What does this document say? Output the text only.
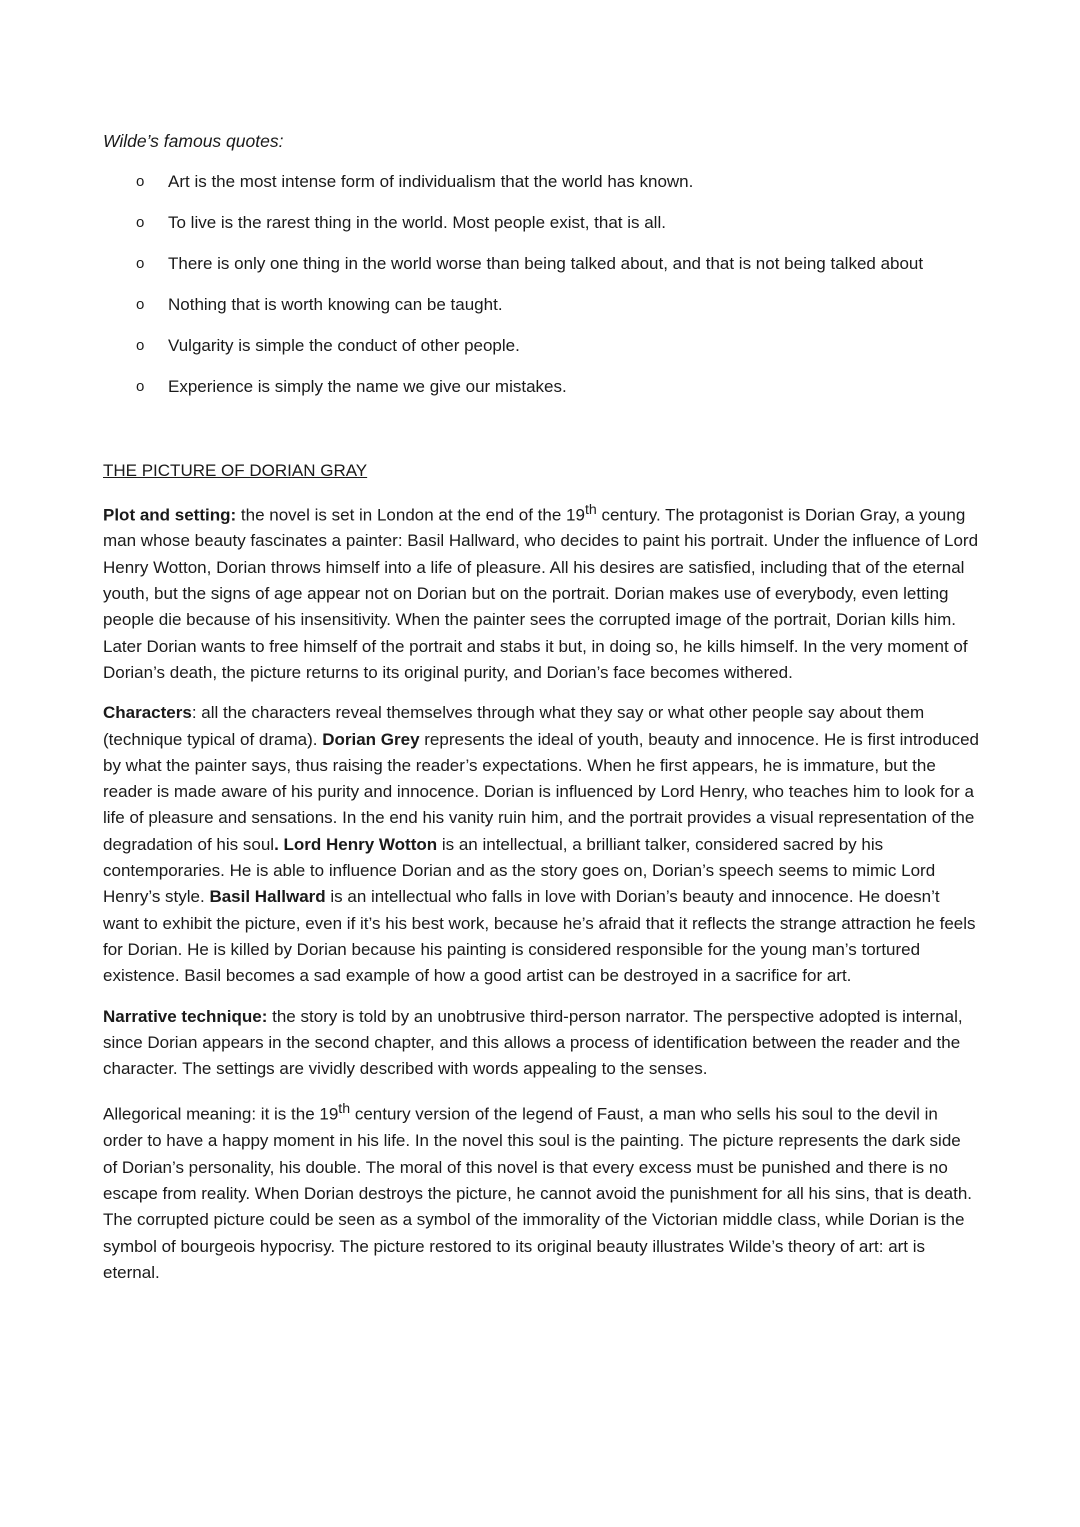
Wilde’s famous quotes:

o Art is the most intense form of individualism that the world has known.
o To live is the rarest thing in the world. Most people exist, that is all.
o There is only one thing in the world worse than being talked about, and that is not being talked about
o Nothing that is worth knowing can be taught.
o Vulgarity is simple the conduct of other people.
o Experience is simply the name we give our mistakes.
THE PICTURE OF DORIAN GRAY

Plot and setting: the novel is set in London at the end of the 19th century. The protagonist is Dorian Gray, a young man whose beauty fascinates a painter: Basil Hallward, who decides to paint his portrait. Under the influence of Lord Henry Wotton, Dorian throws himself into a life of pleasure. All his desires are satisfied, including that of the eternal youth, but the signs of age appear not on Dorian but on the portrait. Dorian makes use of everybody, even letting people die because of his insensitivity. When the painter sees the corrupted image of the portrait, Dorian kills him. Later Dorian wants to free himself of the portrait and stabs it but, in doing so, he kills himself. In the very moment of Dorian’s death, the picture returns to its original purity, and Dorian’s face becomes withered.

Characters: all the characters reveal themselves through what they say or what other people say about them (technique typical of drama). Dorian Grey represents the ideal of youth, beauty and innocence. He is first introduced by what the painter says, thus raising the reader’s expectations. When he first appears, he is immature, but the reader is made aware of his purity and innocence. Dorian is influenced by Lord Henry, who teaches him to look for a life of pleasure and sensations. In the end his vanity ruin him, and the portrait provides a visual representation of the degradation of his soul. Lord Henry Wotton is an intellectual, a brilliant talker, considered sacred by his contemporaries. He is able to influence Dorian and as the story goes on, Dorian’s speech seems to mimic Lord Henry’s style. Basil Hallward is an intellectual who falls in love with Dorian’s beauty and innocence. He doesn’t want to exhibit the picture, even if it’s his best work, because he’s afraid that it reflects the strange attraction he feels for Dorian. He is killed by Dorian because his painting is considered responsible for the young man’s tortured existence. Basil becomes a sad example of how a good artist can be destroyed in a sacrifice for art.

Narrative technique: the story is told by an unobtrusive third-person narrator. The perspective adopted is internal, since Dorian appears in the second chapter, and this allows a process of identification between the reader and the character. The settings are vividly described with words appealing to the senses.

Allegorical meaning: it is the 19th century version of the legend of Faust, a man who sells his soul to the devil in order to have a happy moment in his life. In the novel this soul is the painting. The picture represents the dark side of Dorian’s personality, his double. The moral of this novel is that every excess must be punished and there is no escape from reality. When Dorian destroys the picture, he cannot avoid the punishment for all his sins, that is death. The corrupted picture could be seen as a symbol of the immorality of the Victorian middle class, while Dorian is the symbol of bourgeois hypocrisy. The picture restored to its original beauty illustrates Wilde’s theory of art: art is eternal.
